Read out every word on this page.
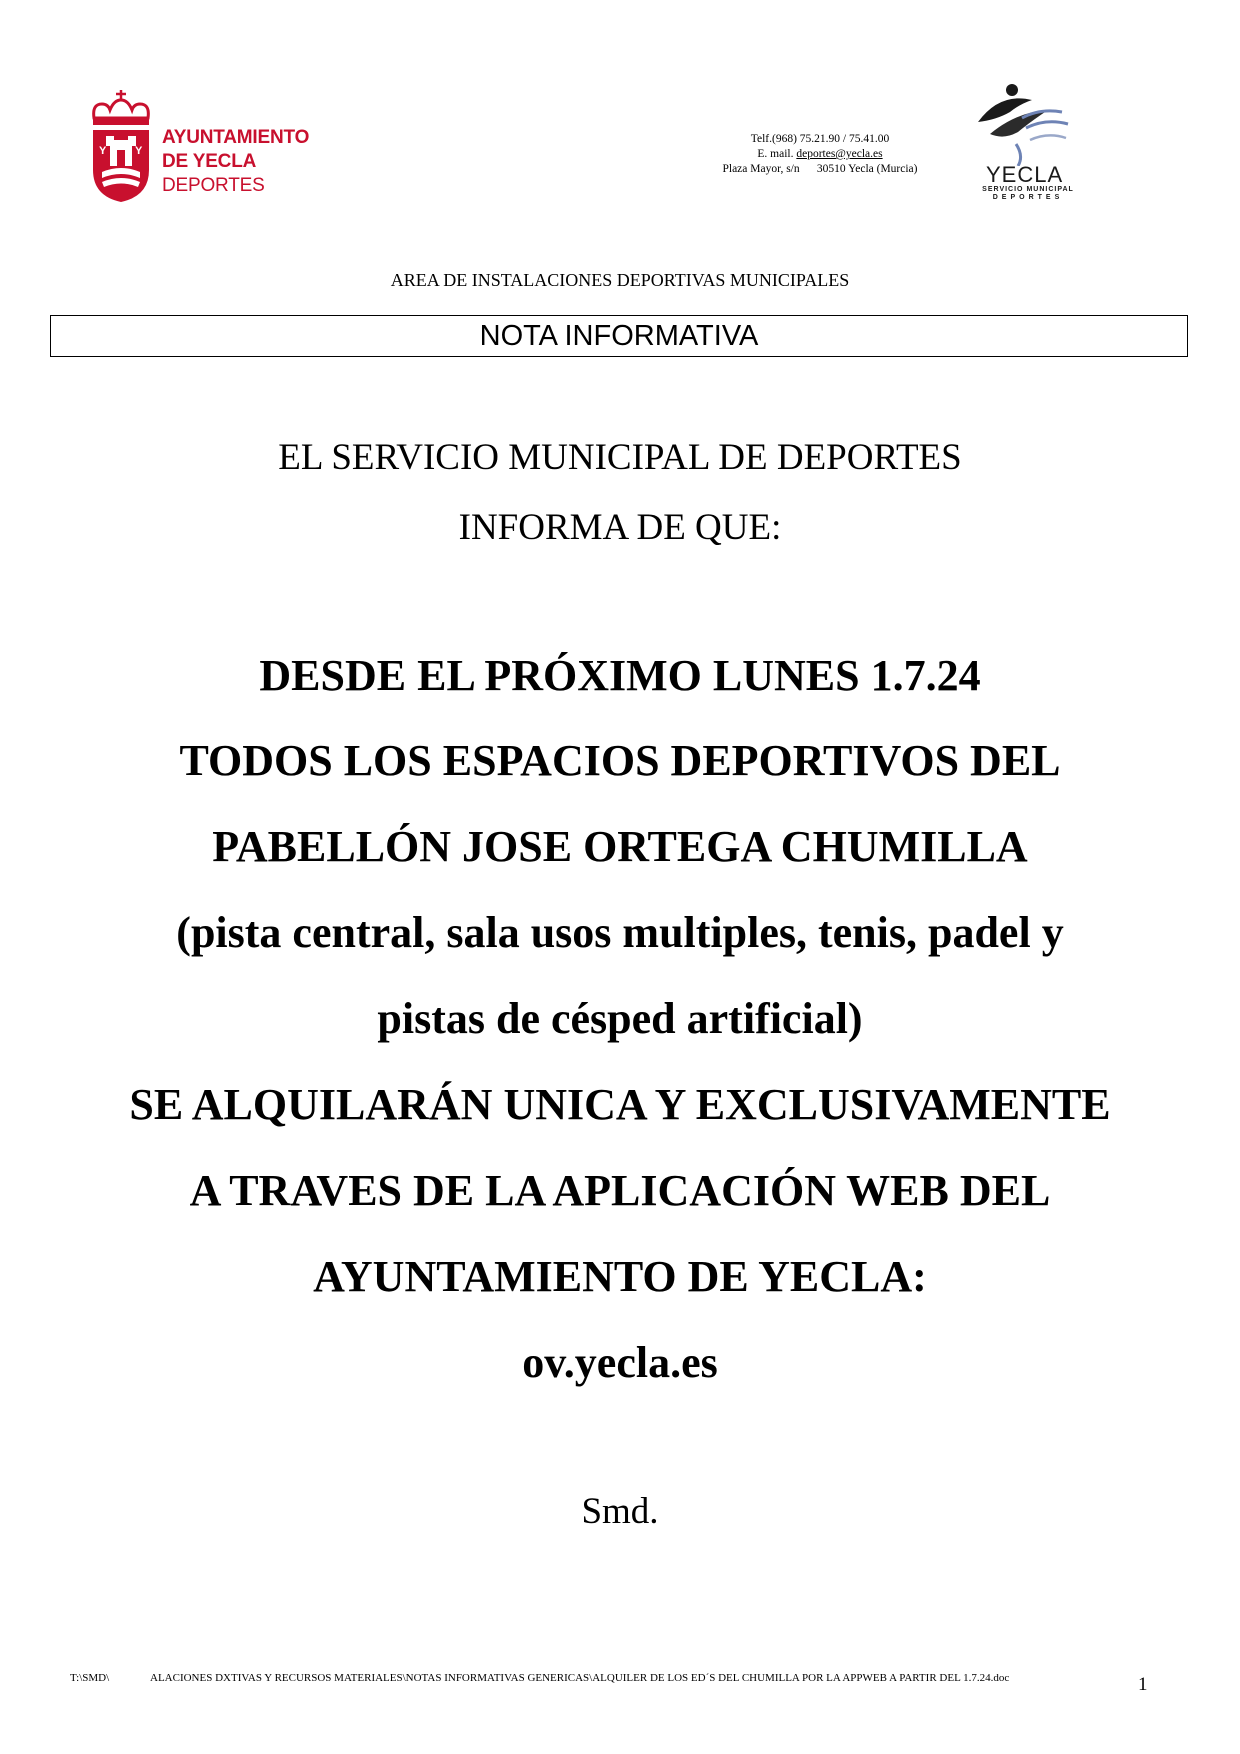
Y	Y
AYUNTAMIENTO
DE YECLA
DEPORTES
Telf.(968) 75.21.90 / 75.41.00
E. mail. deportes@yecla.es
Plaza Mayor, s/n      30510 Yecla (Murcia)	YECLA
SERVICIO MUNICIPAL
DEPORTES
AREA DE INSTALACIONES DEPORTIVAS MUNICIPALES
NOTA INFORMATIVA
EL SERVICIO MUNICIPAL DE DEPORTES
INFORMA DE QUE:
DESDE EL PRÓXIMO LUNES 1.7.24
TODOS LOS ESPACIOS DEPORTIVOS DEL
PABELLÓN JOSE ORTEGA CHUMILLA
(pista central, sala usos multiples, tenis, padel y
pistas de césped artificial)
SE ALQUILARÁN UNICA Y EXCLUSIVAMENTE
A TRAVES DE LA APLICACIÓN WEB DEL
AYUNTAMIENTO DE YECLA:
ov.yecla.es
Smd.
T:\SMD\	ALACIONES DXTIVAS Y RECURSOS MATERIALES\NOTAS INFORMATIVAS GENERICAS\ALQUILER DE LOS ED´S DEL CHUMILLA POR LA APPWEB A PARTIR DEL 1.7.24.doc	1
